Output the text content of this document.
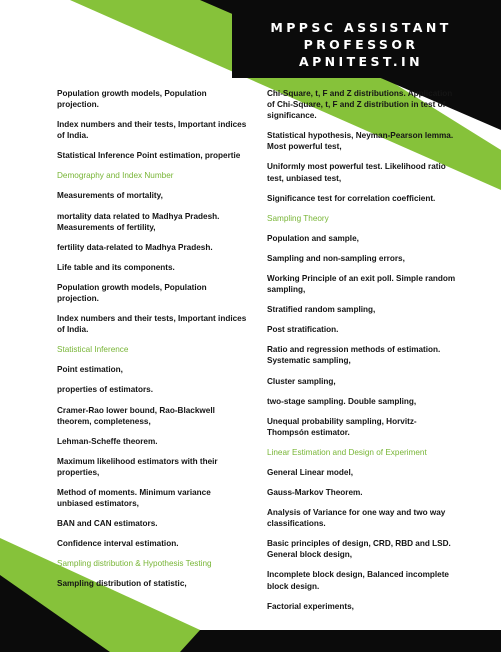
MPPSC ASSISTANT
PROFESSOR
APNITEST.IN

Population growth models, Population projection.

Index numbers and their tests, Important indices of India.

Statistical Inference Point estimation, propertie

Demography and Index Number

Measurements of mortality,

mortality data related to Madhya Pradesh. Measurements of fertility,

fertility data-related to Madhya Pradesh.

Life table and its components.

Population growth models, Population projection.

Index numbers and their tests, Important indices of India.

Statistical Inference

Point estimation,

properties of estimators.

Cramer-Rao lower bound, Rao-Blackwell theorem, completeness,

Lehman-Scheffe theorem.

Maximum likelihood estimators with their properties,

Method of moments. Minimum variance unbiased estimators,

BAN and CAN estimators.

Confidence interval estimation.

Sampling distribution & Hypothesis Testing

Sampling distribution of statistic,

Chi-Square, t, F and Z distributions. Application of Chi-Square, t, F and Z distribution in test of significance.

Statistical hypothesis, Neyman-Pearson lemma. Most powerful test,

Uniformly most powerful test. Likelihood ratio test, unbiased test,

Significance test for correlation coefficient.

Sampling Theory

Population and sample,

Sampling and non-sampling errors,

Working Principle of an exit poll. Simple random sampling,

Stratified random sampling,

Post stratification.

Ratio and regression methods of estimation. Systematic sampling,

Cluster sampling,

two-stage sampling. Double sampling,

Unequal probability sampling, Horvitz-Thompsón estimator.

Linear Estimation and Design of Experiment

General Linear model,

Gauss-Markov Theorem.

Analysis of Variance for one way and two way classifications.

Basic principles of design, CRD, RBD and LSD. General block design,

Incomplete block design, Balanced incomplete block design.

Factorial experiments,
